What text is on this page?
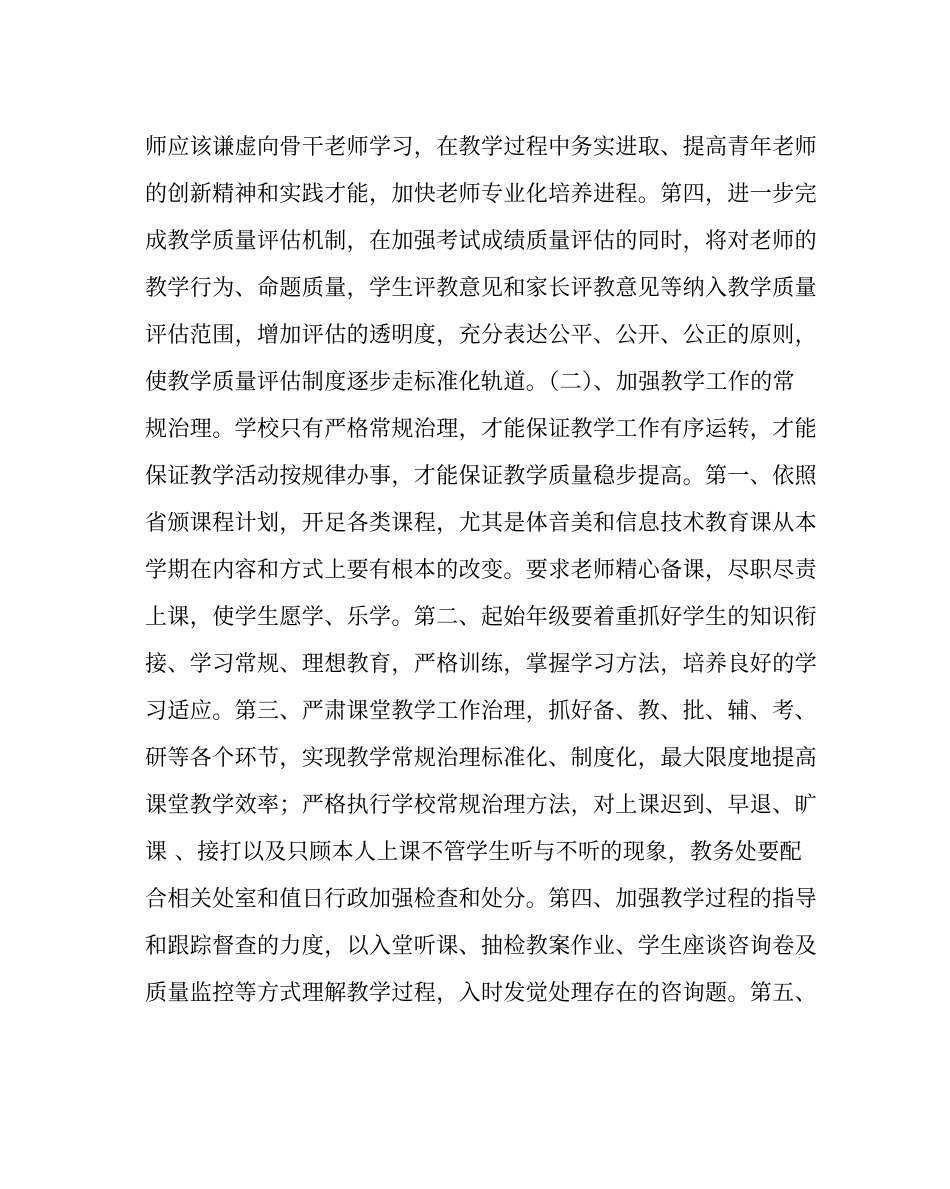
师应该谦虚向骨干老师学习，在教学过程中务实进取、提高青年老师
的创新精神和实践才能，加快老师专业化培养进程。第四，进一步完
成教学质量评估机制，在加强考试成绩质量评估的同时，将对老师的
教学行为、命题质量，学生评教意见和家长评教意见等纳入教学质量
评估范围，增加评估的透明度，充分表达公平、公开、公正的原则，
使教学质量评估制度逐步走标准化轨道。（二）、加强教学工作的常
规治理。学校只有严格常规治理，才能保证教学工作有序运转，才能
保证教学活动按规律办事，才能保证教学质量稳步提高。第一、依照
省颁课程计划，开足各类课程，尤其是体音美和信息技术教育课从本
学期在内容和方式上要有根本的改变。要求老师精心备课，尽职尽责
上课，使学生愿学、乐学。第二、起始年级要着重抓好学生的知识衔
接、学习常规、理想教育，严格训练，掌握学习方法，培养良好的学
习适应。第三、严肃课堂教学工作治理，抓好备、教、批、辅、考、
研等各个环节，实现教学常规治理标准化、制度化，最大限度地提高
课堂教学效率；严格执行学校常规治理方法，对上课迟到、早退、旷
课 、接打以及只顾本人上课不管学生听与不听的现象，教务处要配
合相关处室和值日行政加强检查和处分。第四、加强教学过程的指导
和跟踪督查的力度，以入堂听课、抽检教案作业、学生座谈咨询卷及
质量监控等方式理解教学过程，入时发觉处理存在的咨询题。第五、
